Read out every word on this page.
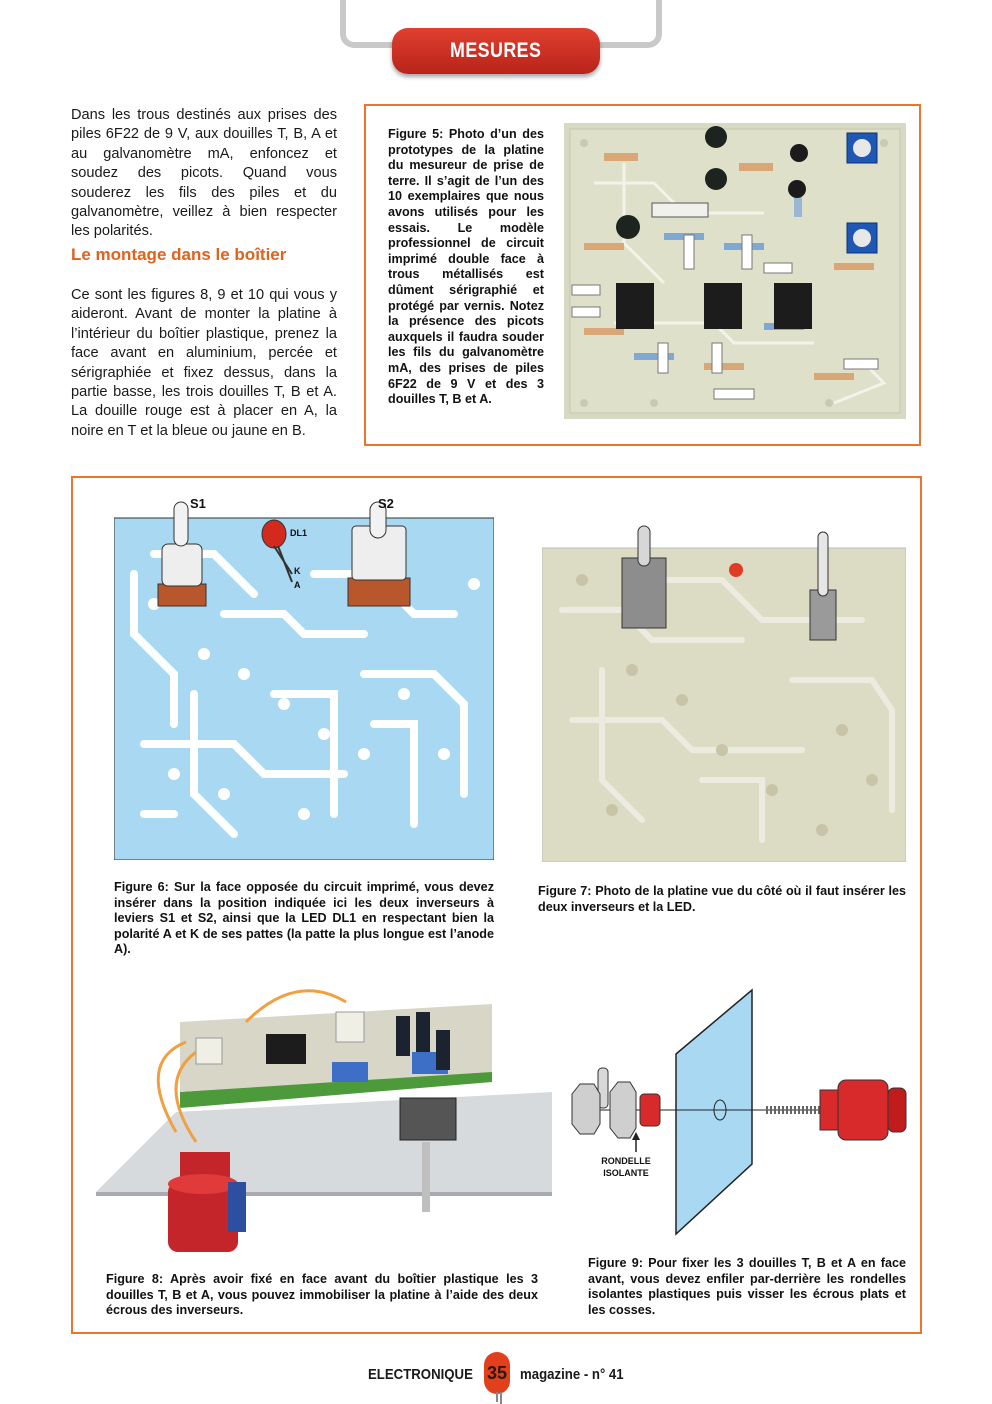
MESURES

Dans les trous destinés aux prises des piles 6F22 de 9 V, aux douilles T, B, A et au galvanomètre mA, enfoncez et soudez des picots. Quand vous souderez les fils des piles et du galvanomètre, veillez à bien respecter les polarités.

Le montage dans le boîtier

Ce sont les figures 8, 9 et 10 qui vous y aideront. Avant de monter la platine à l’intérieur du boîtier plastique, prenez la face avant en aluminium, percée et sérigraphiée et fixez dessus, dans la partie basse, les trois douilles T, B et A. La douille rouge est à placer en A, la noire en T et la bleue ou jaune en B.

Figure 5: Photo d’un des prototypes de la platine du mesureur de prise de terre. Il s’agit de l’un des 10 exemplaires que nous avons utilisés pour les essais. Le modèle professionnel de circuit imprimé double face à trous métallisés est dûment sérigraphié et protégé par vernis. Notez la présence des picots auxquels il faudra souder les fils du galvanomètre mA, des prises de piles 6F22 de 9 V et des 3 douilles T, B et A.

S1	S2
DL1
K
A

Figure 6: Sur la face opposée du circuit imprimé, vous devez insérer dans la position indiquée ici les deux inverseurs à leviers S1 et S2, ainsi que la LED DL1 en respectant bien la polarité A et K de ses pattes (la patte la plus longue est l’anode A).

Figure 7: Photo de la platine vue du côté où il faut insérer les deux inverseurs et la LED.

Figure 8: Après avoir fixé en face avant du boîtier plastique les 3 douilles T, B et A, vous pouvez immobiliser la platine à l’aide des deux écrous des inverseurs.

RONDELLE
ISOLANTE

Figure 9: Pour fixer les 3 douilles T, B et A en face avant, vous devez enfiler par-derrière les rondelles isolantes plastiques puis visser les écrous plats et les cosses.

ELECTRONIQUE 35 magazine - n° 41
